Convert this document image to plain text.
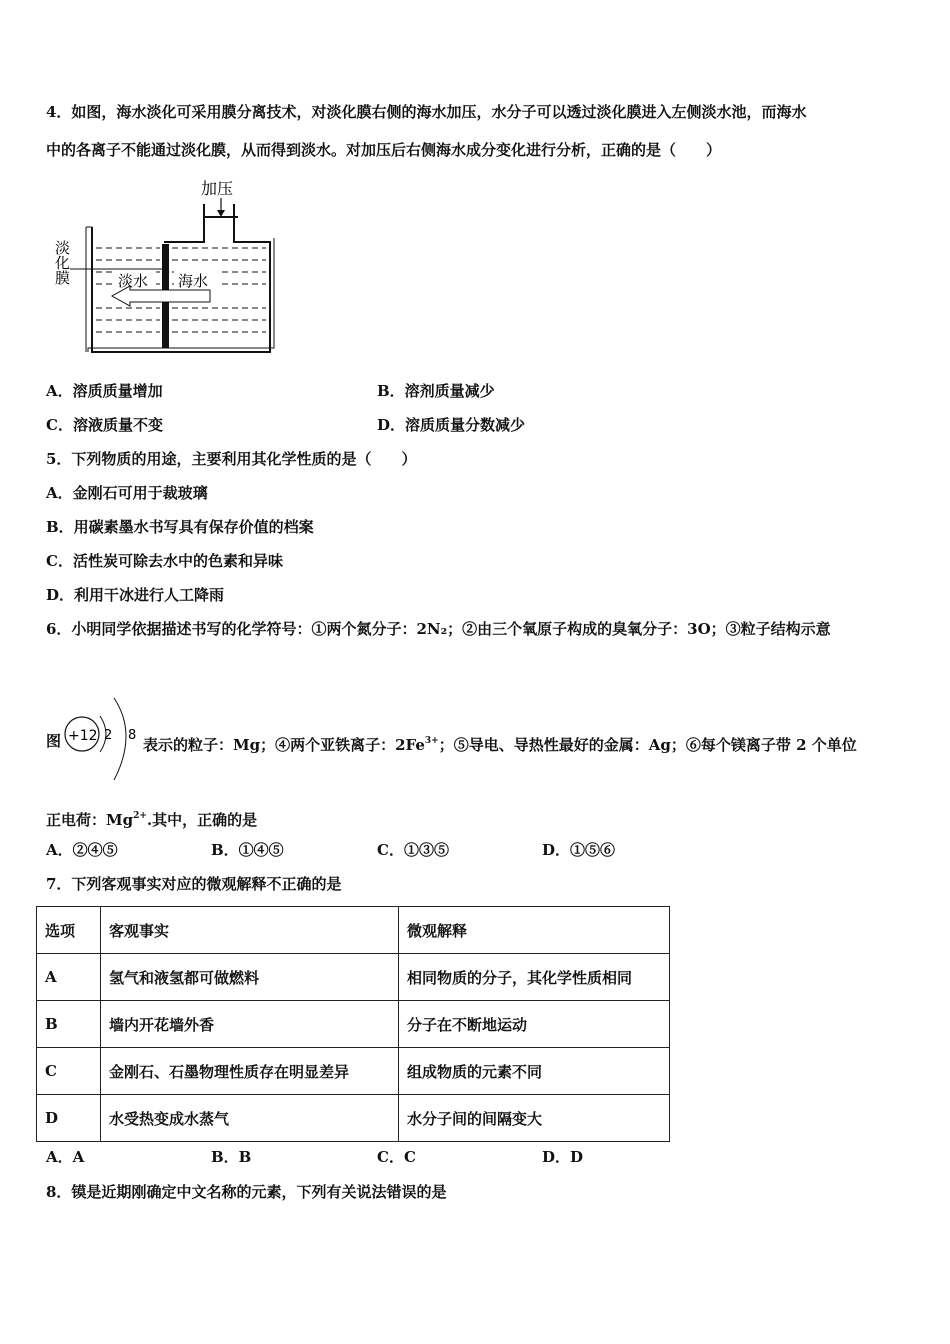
4．如图，海水淡化可采用膜分离技术，对淡化膜右侧的海水加压，水分子可以透过淡化膜进入左侧淡水池，而海水
中的各离子不能通过淡化膜，从而得到淡水。对加压后右侧海水成分变化进行分析，正确的是（　　）
加压
淡化膜	淡水 海水
A．溶质质量增加	B．溶剂质量减少
C．溶液质量不变	D．溶质质量分数减少
5．下列物质的用途，主要利用其化学性质的是（　　）
A．金刚石可用于裁玻璃
B．用碳素墨水书写具有保存价值的档案
C．活性炭可除去水中的色素和异味
D．利用干冰进行人工降雨
6．小明同学依据描述书写的化学符号：①两个氮分子：2N₂；②由三个氧原子构成的臭氧分子：3O；③粒子结构示意
图 +12 2 8
表示的粒子：Mg；④两个亚铁离子：$2Fe^{3+}$；⑤导电、导热性最好的金属：Ag；⑥每个镁离子带 2 个单位
正电荷：$Mg^{2+}$.其中，正确的是
A．②④⑤	B．①④⑤	C．①③⑤	D．①⑤⑥
7．下列客观事实对应的微观解释不正确的是
选项	客观事实	微观解释
A	氢气和液氢都可做燃料	相同物质的分子，其化学性质相同
B	墙内开花墙外香	分子在不断地运动
C	金刚石、石墨物理性质存在明显差异	组成物质的元素不同
D	水受热变成水蒸气	水分子间的间隔变大
A．A	B．B	C．C	D．D
8．镆是近期刚确定中文名称的元素，下列有关说法错误的是
